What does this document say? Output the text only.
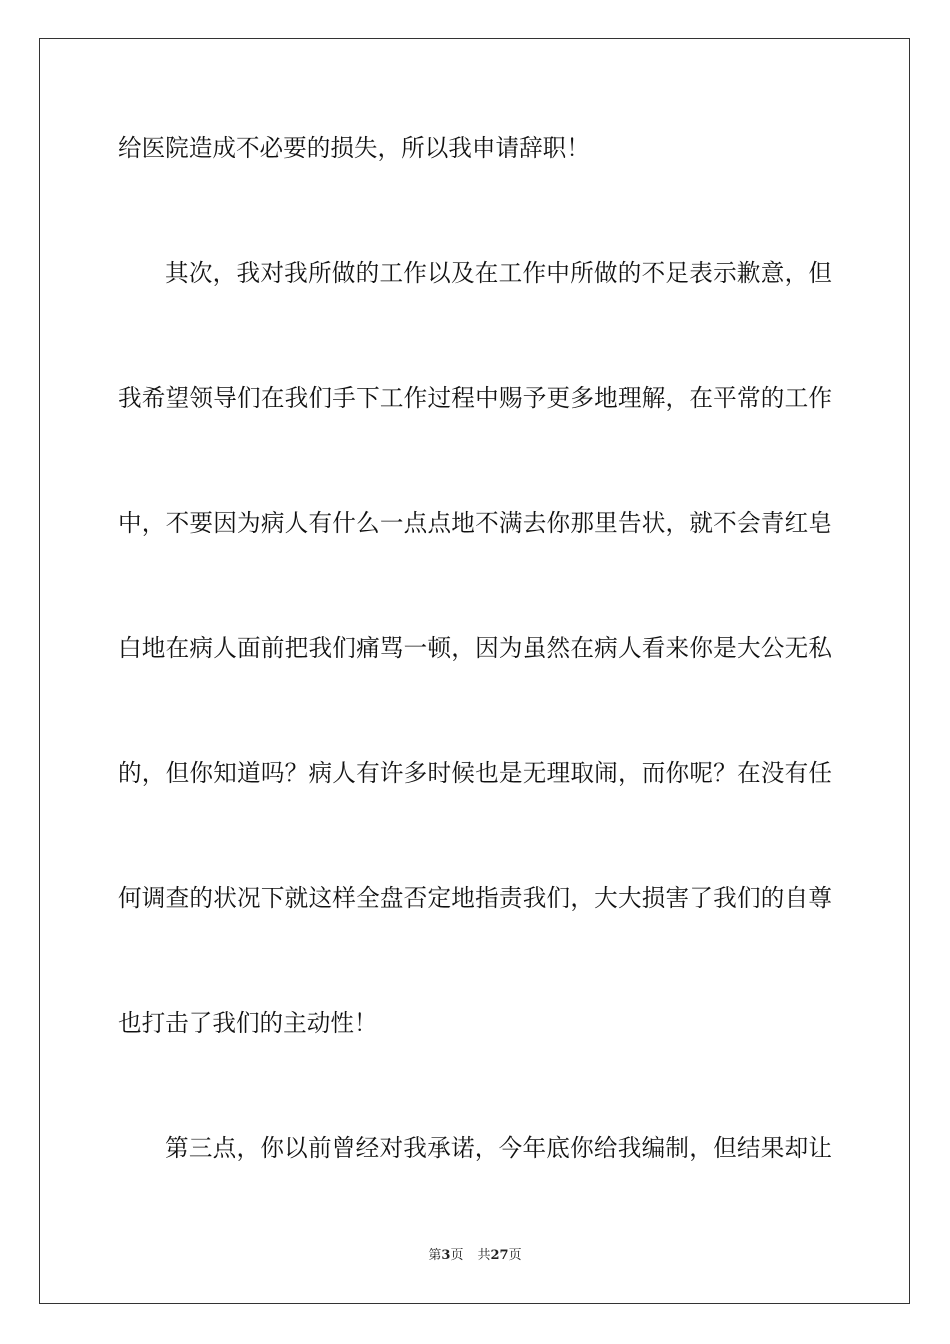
给医院造成不必要的损失，所以我申请辞职！
其次，我对我所做的工作以及在工作中所做的不足表示歉意，但
我希望领导们在我们手下工作过程中赐予更多地理解，在平常的工作
中，不要因为病人有什么一点点地不满去你那里告状，就不会青红皂
白地在病人面前把我们痛骂一顿，因为虽然在病人看来你是大公无私
的，但你知道吗？病人有许多时候也是无理取闹，而你呢？在没有任
何调查的状况下就这样全盘否定地指责我们，大大损害了我们的自尊
也打击了我们的主动性！
第三点，你以前曾经对我承诺，今年底你给我编制，但结果却让
第3页 共27页
